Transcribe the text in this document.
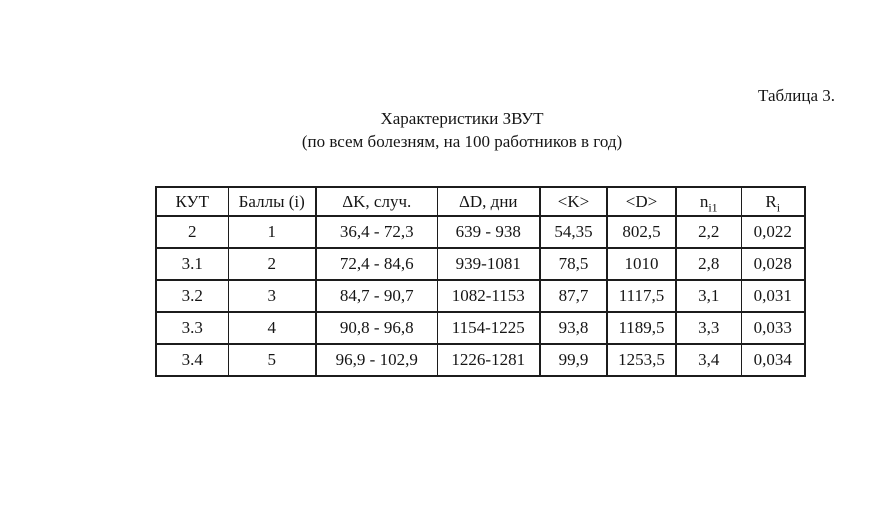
Таблица 3.
Характеристики ЗВУТ
(по всем болезням, на 100 работников в год)
КУТ	Баллы (i)	ΔK, случ.	ΔD, дни	<K>	<D>	$n_{i1}$	$R_i$
2	1	36,4 - 72,3	639 - 938	54,35	802,5	2,2	0,022
3.1	2	72,4 - 84,6	939-1081	78,5	1010	2,8	0,028
3.2	3	84,7 - 90,7	1082-1153	87,7	1117,5	3,1	0,031
3.3	4	90,8 - 96,8	1154-1225	93,8	1189,5	3,3	0,033
3.4	5	96,9 - 102,9	1226-1281	99,9	1253,5	3,4	0,034
